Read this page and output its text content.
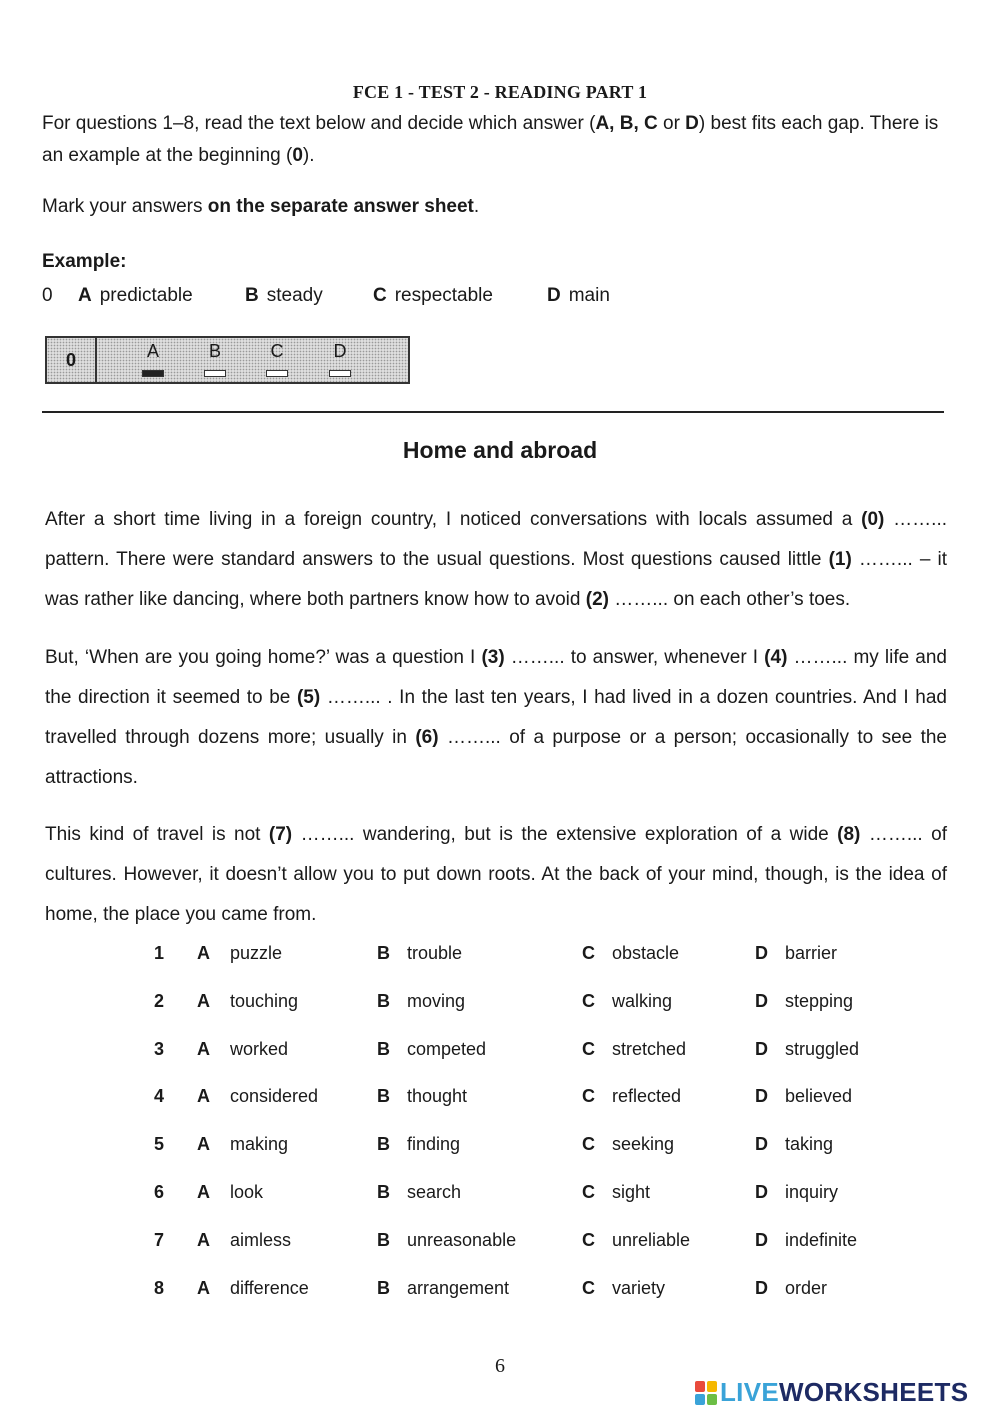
FCE 1 - TEST 2 - READING PART 1
For questions 1–8, read the text below and decide which answer (A, B, C or D) best fits each gap. There is an example at the beginning (0).
Mark your answers on the separate answer sheet.
Example:
0 A predictable	B steady	C respectable	D main
0	A	B	C	D
Home and abroad
After a short time living in a foreign country, I noticed conversations with locals assumed a (0) ……... pattern. There were standard answers to the usual questions. Most questions caused little (1) ……... – it was rather like dancing, where both partners know how to avoid (2) ……... on each other’s toes.
But, ‘When are you going home?’ was a question I (3) ……... to answer, whenever I (4) ……... my life and the direction it seemed to be (5) ……... . In the last ten years, I had lived in a dozen countries. And I had travelled through dozens more; usually in (6) ……... of a purpose or a person; occasionally to see the attractions.
This kind of travel is not (7) ……... wandering, but is the extensive exploration of a wide (8) ……... of cultures. However, it doesn’t allow you to put down roots. At the back of your mind, though, is the idea of home, the place you came from.
1 A puzzle	B trouble	C obstacle	D barrier
2 A touching	B moving	C walking	D stepping
3 A worked	B competed	C stretched	D struggled
4 A considered	B thought	C reflected	D believed
5 A making	B finding	C seeking	D taking
6 A look	B search	C sight	D inquiry
7 A aimless	B unreasonable	C unreliable	D indefinite
8 A difference	B arrangement	C variety	D order
6
LIVE WORKSHEETS
